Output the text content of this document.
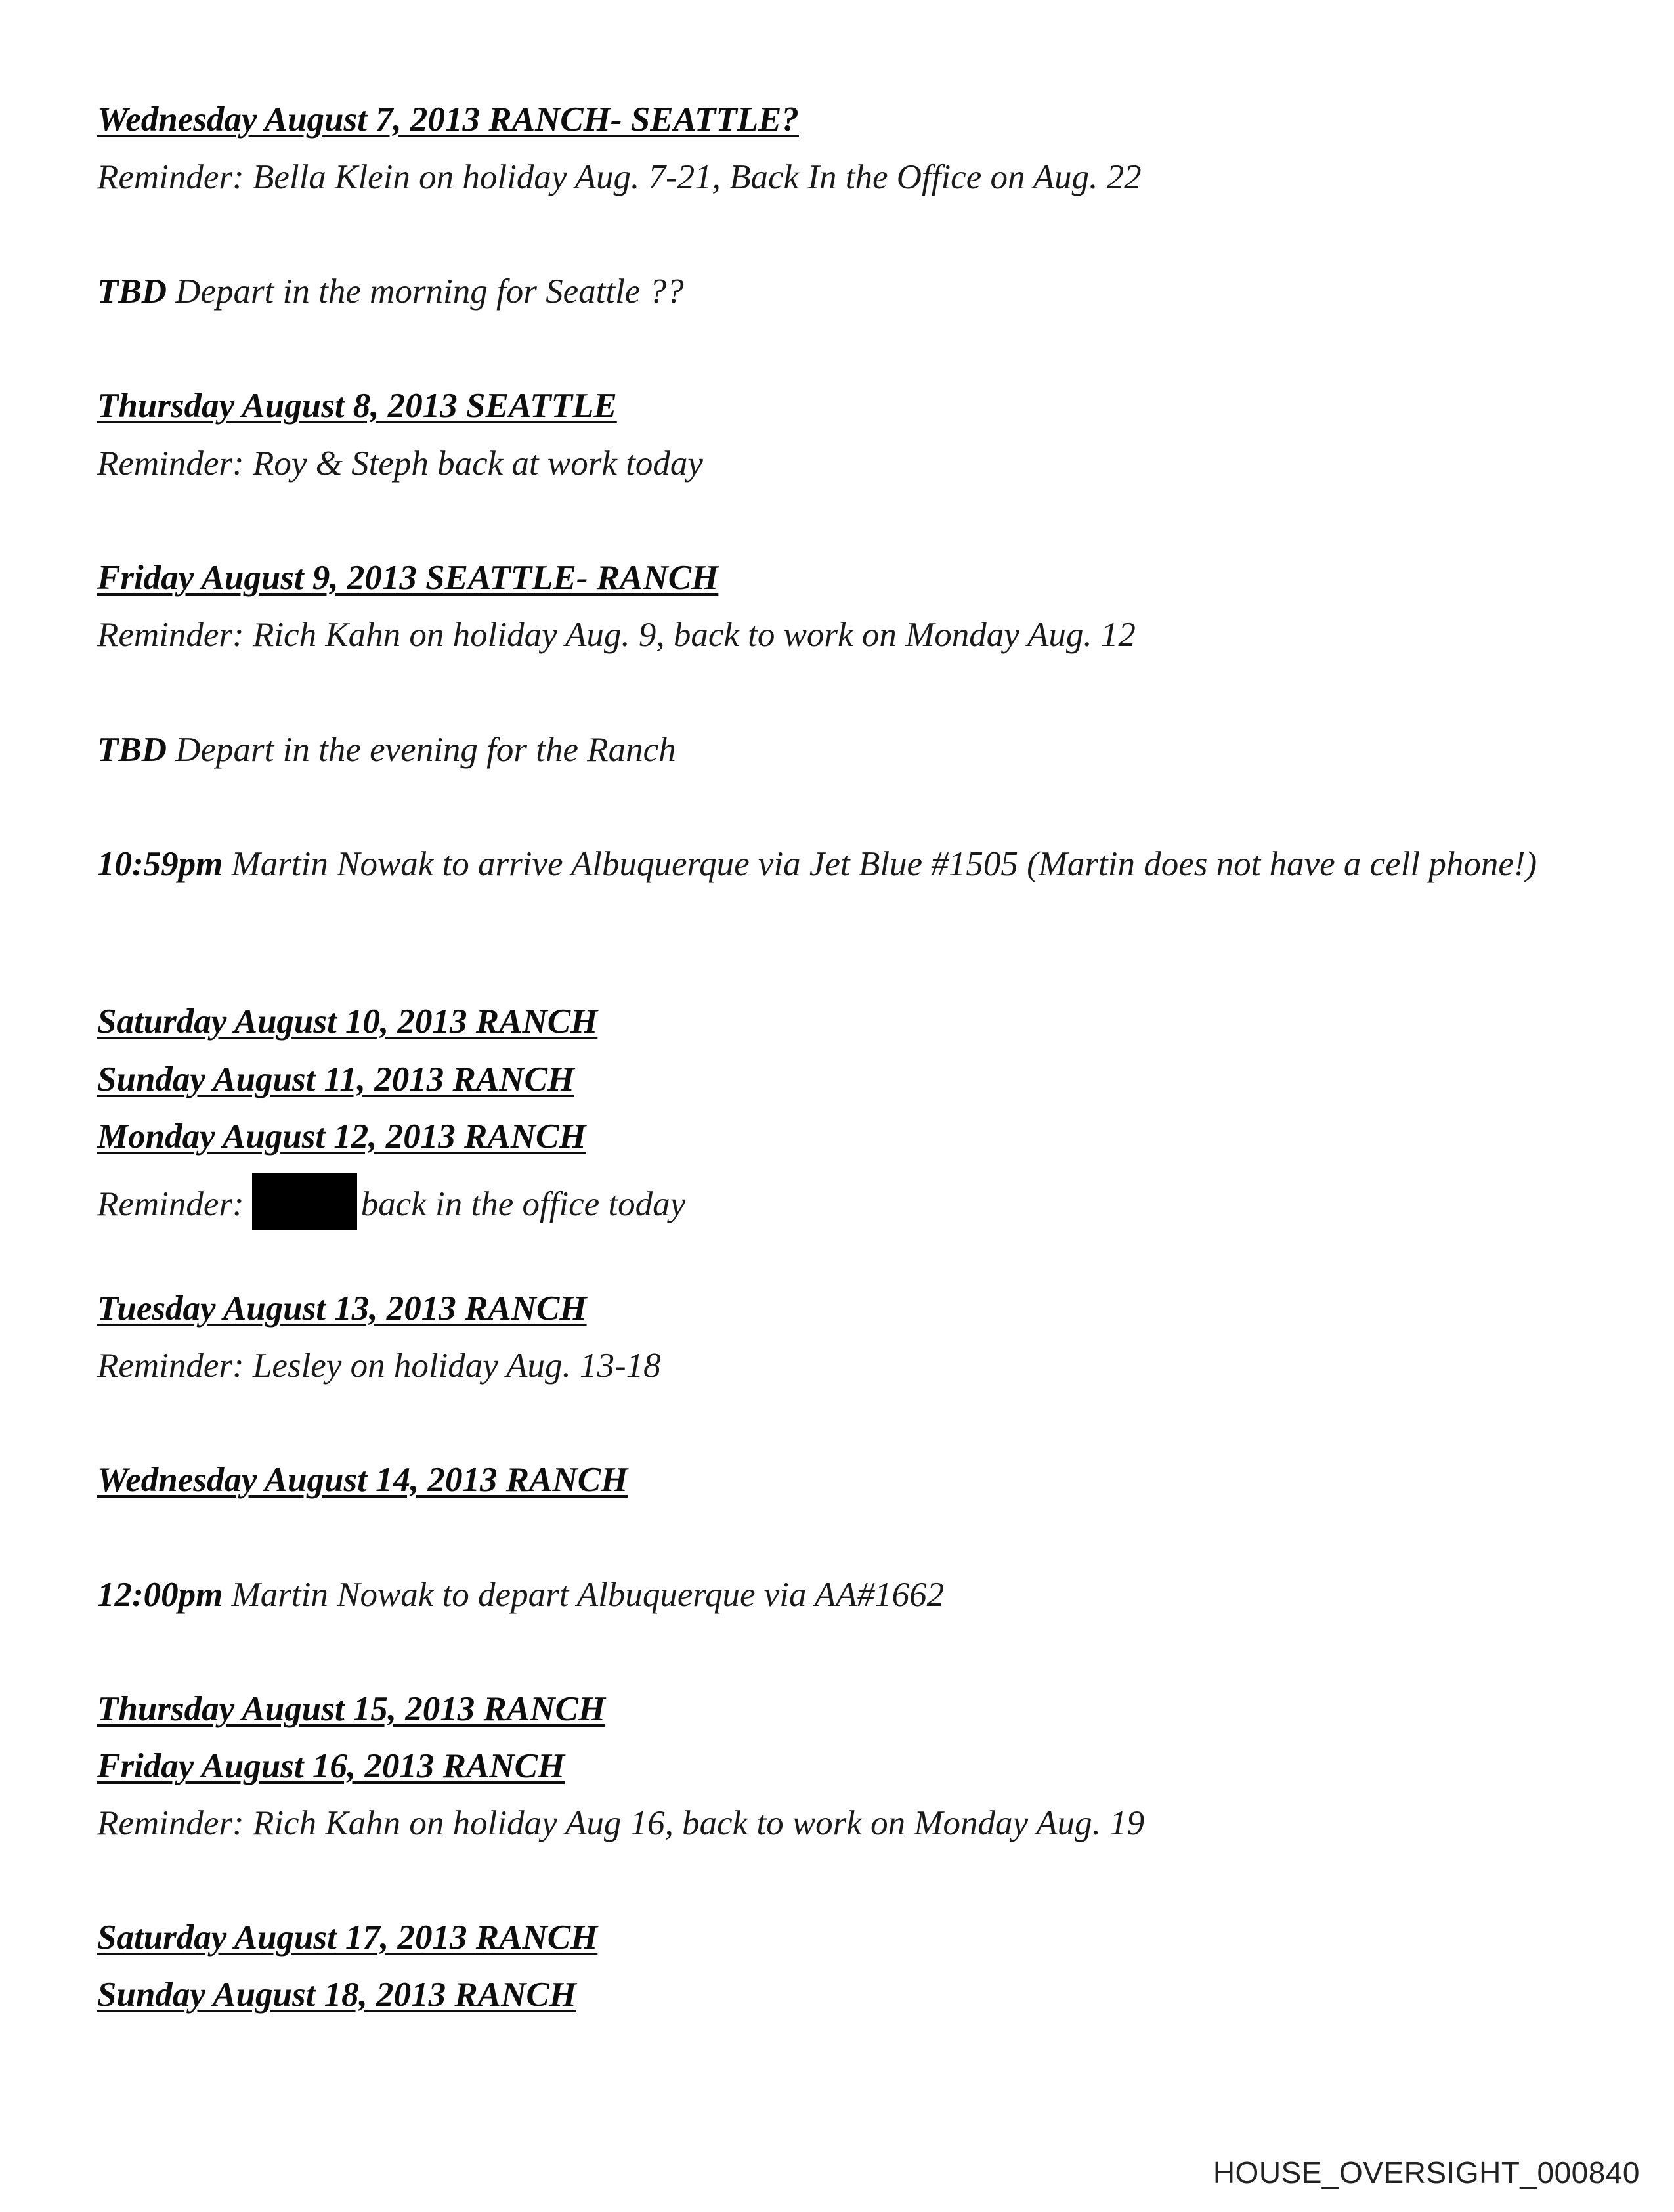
Wednesday August 7, 2013 RANCH- SEATTLE?
Reminder: Bella Klein on holiday Aug. 7-21, Back In the Office on Aug. 22
TBD Depart in the morning for Seattle ??
Thursday August 8, 2013 SEATTLE
Reminder: Roy & Steph back at work today
Friday August 9, 2013 SEATTLE- RANCH
Reminder: Rich Kahn on holiday Aug. 9, back to work on Monday Aug. 12
TBD Depart in the evening for the Ranch
10:59pm Martin Nowak to arrive Albuquerque via Jet Blue #1505 (Martin does not have a cell phone!)
Saturday August 10, 2013 RANCH
Sunday August 11, 2013 RANCH
Monday August 12, 2013 RANCH
Reminder:	back in the office today
Tuesday August 13, 2013 RANCH
Reminder: Lesley on holiday Aug. 13-18
Wednesday August 14, 2013 RANCH
12:00pm Martin Nowak to depart Albuquerque via AA#1662
Thursday August 15, 2013 RANCH
Friday August 16, 2013 RANCH
Reminder: Rich Kahn on holiday Aug 16, back to work on Monday Aug. 19
Saturday August 17, 2013 RANCH
Sunday August 18, 2013 RANCH
HOUSE_OVERSIGHT_000840
